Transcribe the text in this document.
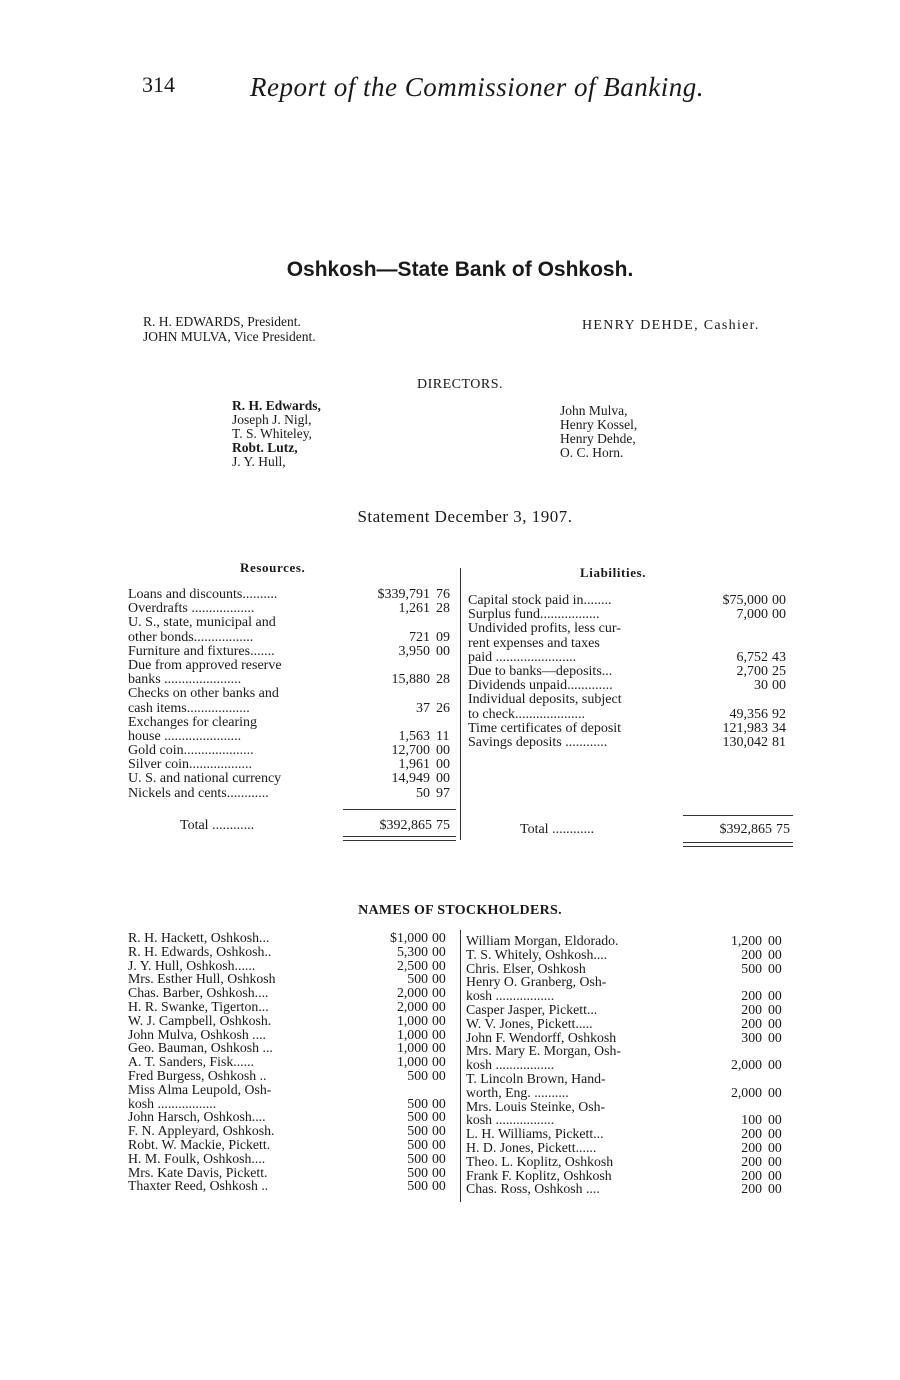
314	Report of the Commissioner of Banking.
Oshkosh—State Bank of Oshkosh.
R. H. EDWARDS, President.
JOHN MULVA, Vice President.
HENRY DEHDE, Cashier.
DIRECTORS.
R. H. Edwards,
Joseph J. Nigl,
T. S. Whiteley,
Robt. Lutz,
J. Y. Hull,
John Mulva,
Henry Kossel,
Henry Dehde,
O. C. Horn.
Statement December 3, 1907.
Resources.	Liabilities.
Loans and discounts..........	$339,791 76
Overdrafts ..................	1,261 28
U. S., state, municipal and
other bonds.................	721 09
Furniture and fixtures.......	3,950 00
Due from approved reserve
banks ......................	15,880 28
Checks on other banks and
cash items..................	37 26
Exchanges for clearing
house ......................	1,563 11
Gold coin....................	12,700 00
Silver coin..................	1,961 00
U. S. and national currency	14,949 00
Nickels and cents............	50 97
Capital stock paid in........	$75,000 00
Surplus fund.................	7,000 00
Undivided profits, less cur-
rent expenses and taxes
paid .......................	6,752 43
Due to banks—deposits...	2,700 25
Dividends unpaid.............	30 00
Individual deposits, subject
to check....................	49,356 92
Time certificates of deposit	121,983 34
Savings deposits ............	130,042 81
Total ............	$392,865 75	Total ............	$392,865 75
NAMES OF STOCKHOLDERS.
R. H. Hackett, Oshkosh...	$1,000 00
R. H. Edwards, Oshkosh..	5,300 00
J. Y. Hull, Oshkosh......	2,500 00
Mrs. Esther Hull, Oshkosh	500 00
Chas. Barber, Oshkosh....	2,000 00
H. R. Swanke, Tigerton...	2,000 00
W. J. Campbell, Oshkosh.	1,000 00
John Mulva, Oshkosh ....	1,000 00
Geo. Bauman, Oshkosh ...	1,000 00
A. T. Sanders, Fisk......	1,000 00
Fred Burgess, Oshkosh ..	500 00
Miss Alma Leupold, Osh-
kosh .................	500 00
John Harsch, Oshkosh....	500 00
F. N. Appleyard, Oshkosh.	500 00
Robt. W. Mackie, Pickett.	500 00
H. M. Foulk, Oshkosh....	500 00
Mrs. Kate Davis, Pickett.	500 00
Thaxter Reed, Oshkosh ..	500 00
William Morgan, Eldorado.	1,200 00
T. S. Whitely, Oshkosh....	200 00
Chris. Elser, Oshkosh	500 00
Henry O. Granberg, Osh-
kosh .................	200 00
Casper Jasper, Pickett...	200 00
W. V. Jones, Pickett.....	200 00
John F. Wendorff, Oshkosh	300 00
Mrs. Mary E. Morgan, Osh-
kosh .................	2,000 00
T. Lincoln Brown, Hand-
worth, Eng. ..........	2,000 00
Mrs. Louis Steinke, Osh-
kosh .................	100 00
L. H. Williams, Pickett...	200 00
H. D. Jones, Pickett......	200 00
Theo. L. Koplitz, Oshkosh	200 00
Frank F. Koplitz, Oshkosh	200 00
Chas. Ross, Oshkosh ....	200 00
